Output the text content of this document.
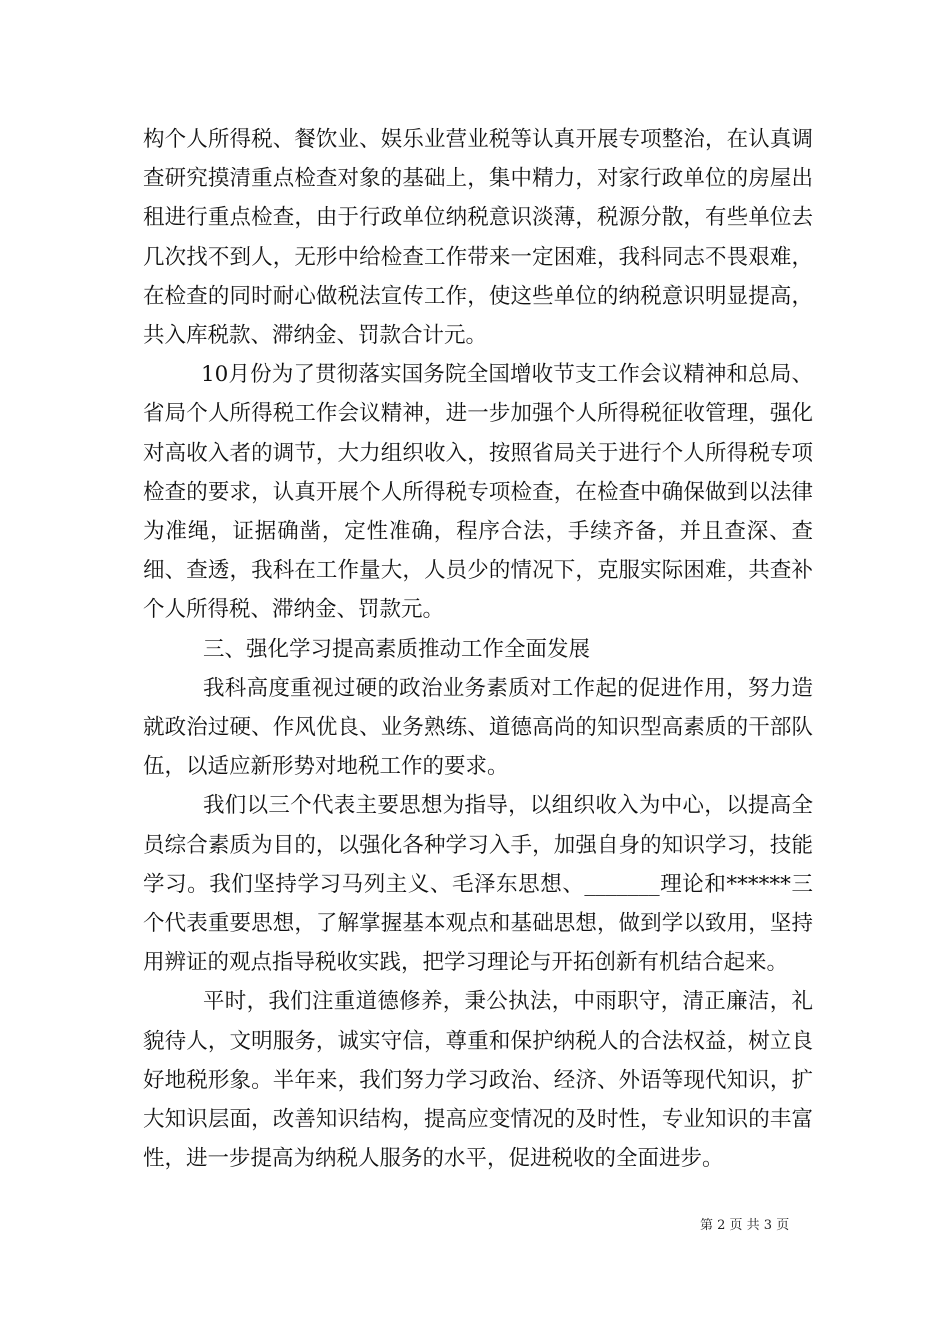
构个人所得税、餐饮业、娱乐业营业税等认真开展专项整治，在认真调查研究摸清重点检查对象的基础上，集中精力，对家行政单位的房屋出租进行重点检查，由于行政单位纳税意识淡薄，税源分散，有些单位去几次找不到人，无形中给检查工作带来一定困难，我科同志不畏艰难，在检查的同时耐心做税法宣传工作，使这些单位的纳税意识明显提高，共入库税款、滞纳金、罚款合计元。

10月份为了贯彻落实国务院全国增收节支工作会议精神和总局、省局个人所得税工作会议精神，进一步加强个人所得税征收管理，强化对高收入者的调节，大力组织收入，按照省局关于进行个人所得税专项检查的要求，认真开展个人所得税专项检查，在检查中确保做到以法律为准绳，证据确凿，定性准确，程序合法，手续齐备，并且查深、查细、查透，我科在工作量大，人员少的情况下，克服实际困难，共查补个人所得税、滞纳金、罚款元。

三、强化学习提高素质推动工作全面发展

我科高度重视过硬的政治业务素质对工作起的促进作用，努力造就政治过硬、作风优良、业务熟练、道德高尚的知识型高素质的干部队伍，以适应新形势对地税工作的要求。

我们以三个代表主要思想为指导，以组织收入为中心，以提高全员综合素质为目的，以强化各种学习入手，加强自身的知识学习，技能学习。我们坚持学习马列主义、毛泽东思想、_______理论和******三个代表重要思想，了解掌握基本观点和基础思想，做到学以致用，坚持用辨证的观点指导税收实践，把学习理论与开拓创新有机结合起来。

平时，我们注重道德修养，秉公执法，中雨职守，清正廉洁，礼貌待人，文明服务，诚实守信，尊重和保护纳税人的合法权益，树立良好地税形象。半年来，我们努力学习政治、经济、外语等现代知识，扩大知识层面，改善知识结构，提高应变情况的及时性，专业知识的丰富性，进一步提高为纳税人服务的水平，促进税收的全面进步。

第 2 页 共 3 页
